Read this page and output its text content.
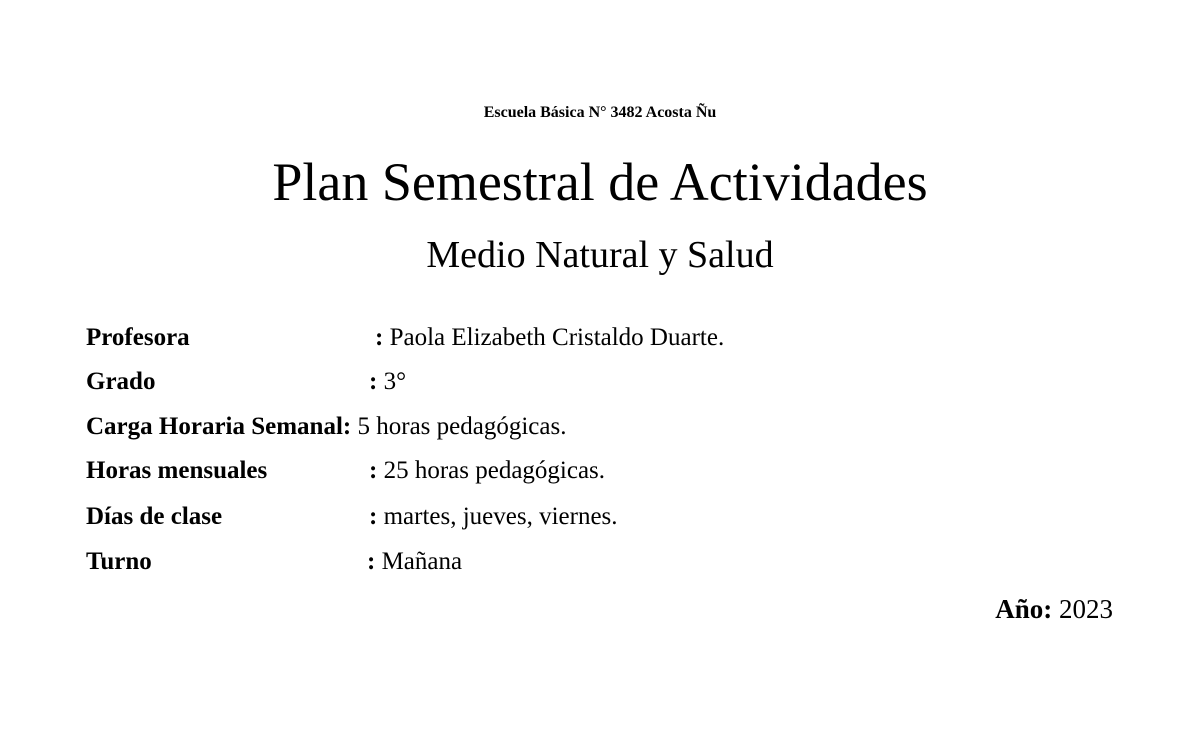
Escuela Básica N° 3482 Acosta Ñu
Plan Semestral de Actividades
Medio Natural y Salud
Profesora	: Paola Elizabeth Cristaldo Duarte.
Grado	: 3°
Carga Horaria Semanal: 5 horas pedagógicas.
Horas mensuales	: 25 horas pedagógicas.
Días de clase	: martes, jueves, viernes.
Turno	: Mañana
Año: 2023
